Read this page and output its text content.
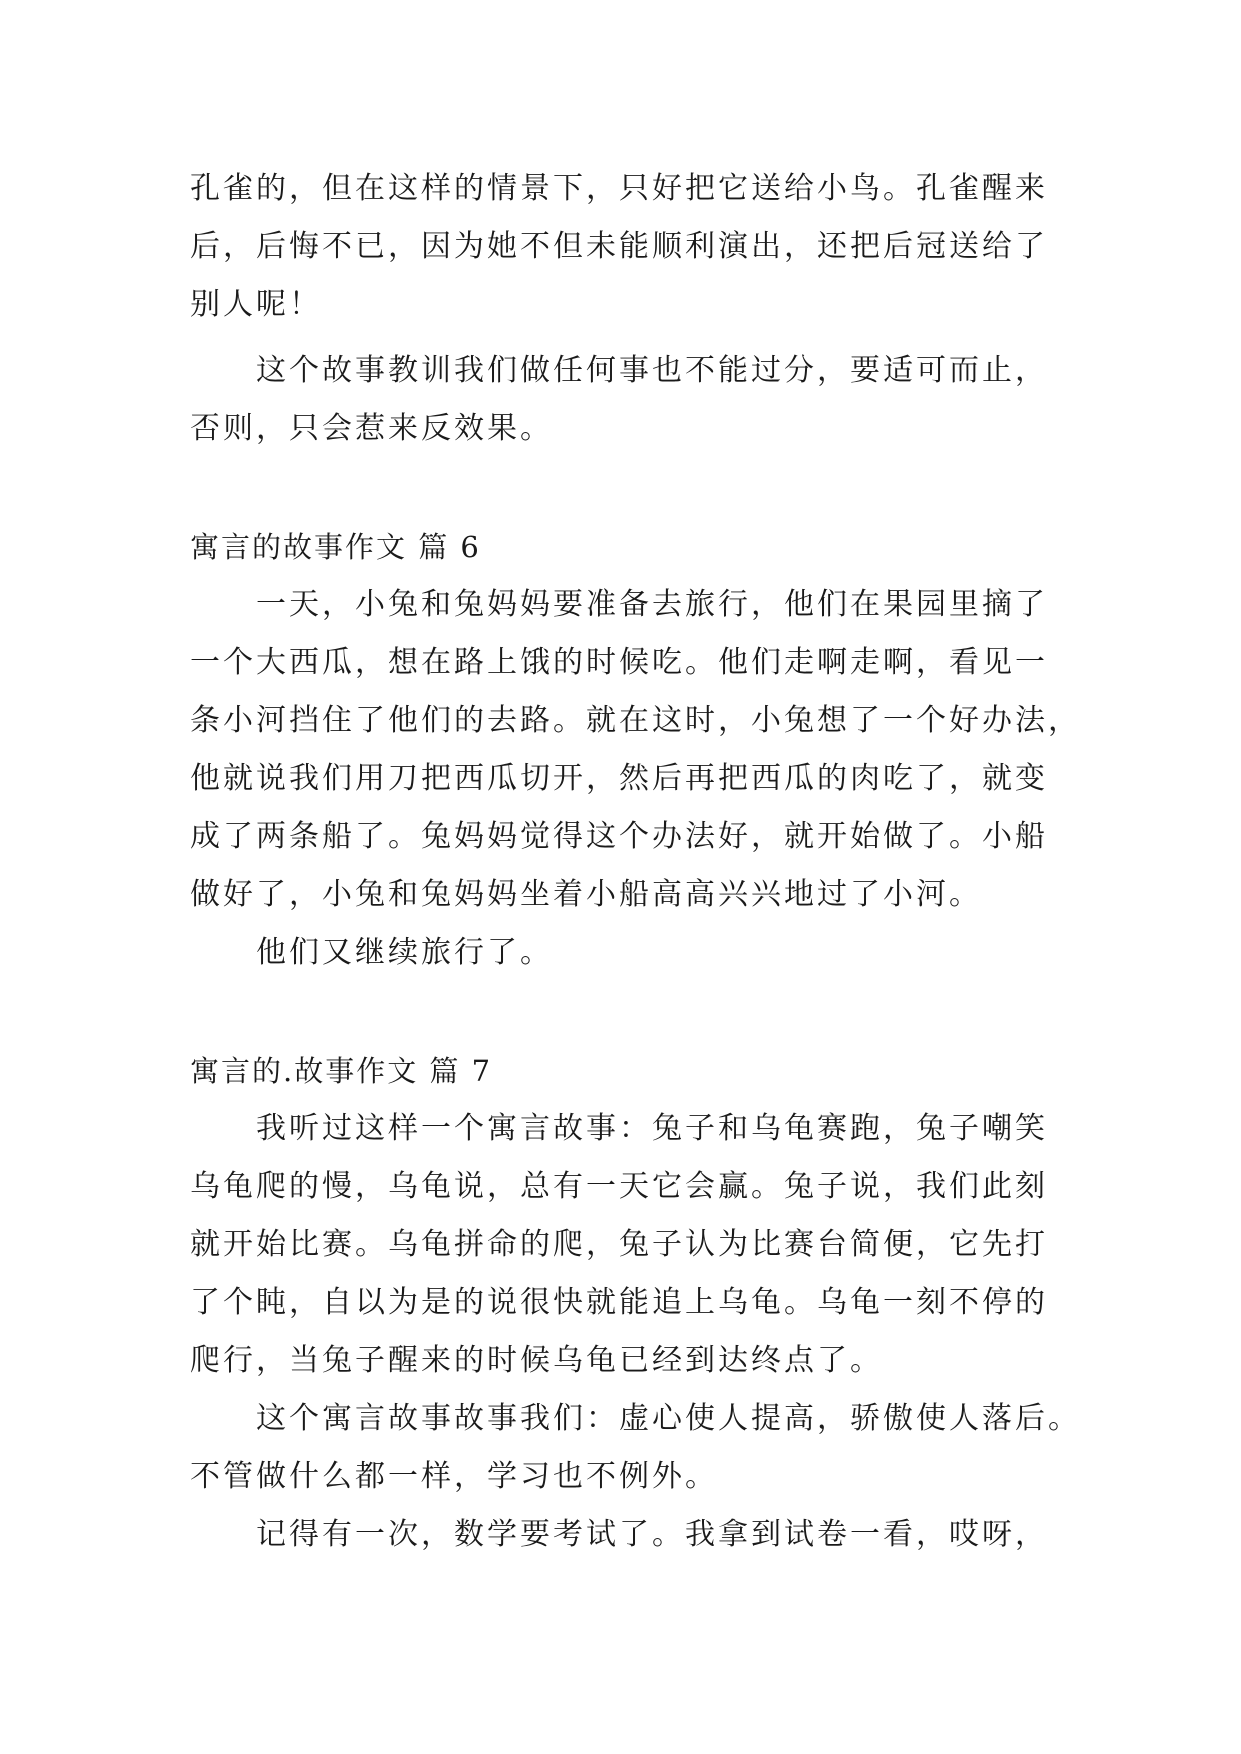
孔雀的，但在这样的情景下，只好把它送给小鸟。孔雀醒来
后，后悔不已，因为她不但未能顺利演出，还把后冠送给了
别人呢！
这个故事教训我们做任何事也不能过分，要适可而止，
否则，只会惹来反效果。
寓言的故事作文 篇 6
一天，小兔和兔妈妈要准备去旅行，他们在果园里摘了
一个大西瓜，想在路上饿的时候吃。他们走啊走啊，看见一
条小河挡住了他们的去路。就在这时，小兔想了一个好办法，
他就说我们用刀把西瓜切开，然后再把西瓜的肉吃了，就变
成了两条船了。兔妈妈觉得这个办法好，就开始做了。小船
做好了，小兔和兔妈妈坐着小船高高兴兴地过了小河。
他们又继续旅行了。
寓言的.故事作文 篇 7
我听过这样一个寓言故事：兔子和乌龟赛跑，兔子嘲笑
乌龟爬的慢，乌龟说，总有一天它会赢。兔子说，我们此刻
就开始比赛。乌龟拼命的爬，兔子认为比赛台简便，它先打
了个盹，自以为是的说很快就能追上乌龟。乌龟一刻不停的
爬行，当兔子醒来的时候乌龟已经到达终点了。
这个寓言故事故事我们：虚心使人提高，骄傲使人落后。
不管做什么都一样，学习也不例外。
记得有一次，数学要考试了。我拿到试卷一看，哎呀，
